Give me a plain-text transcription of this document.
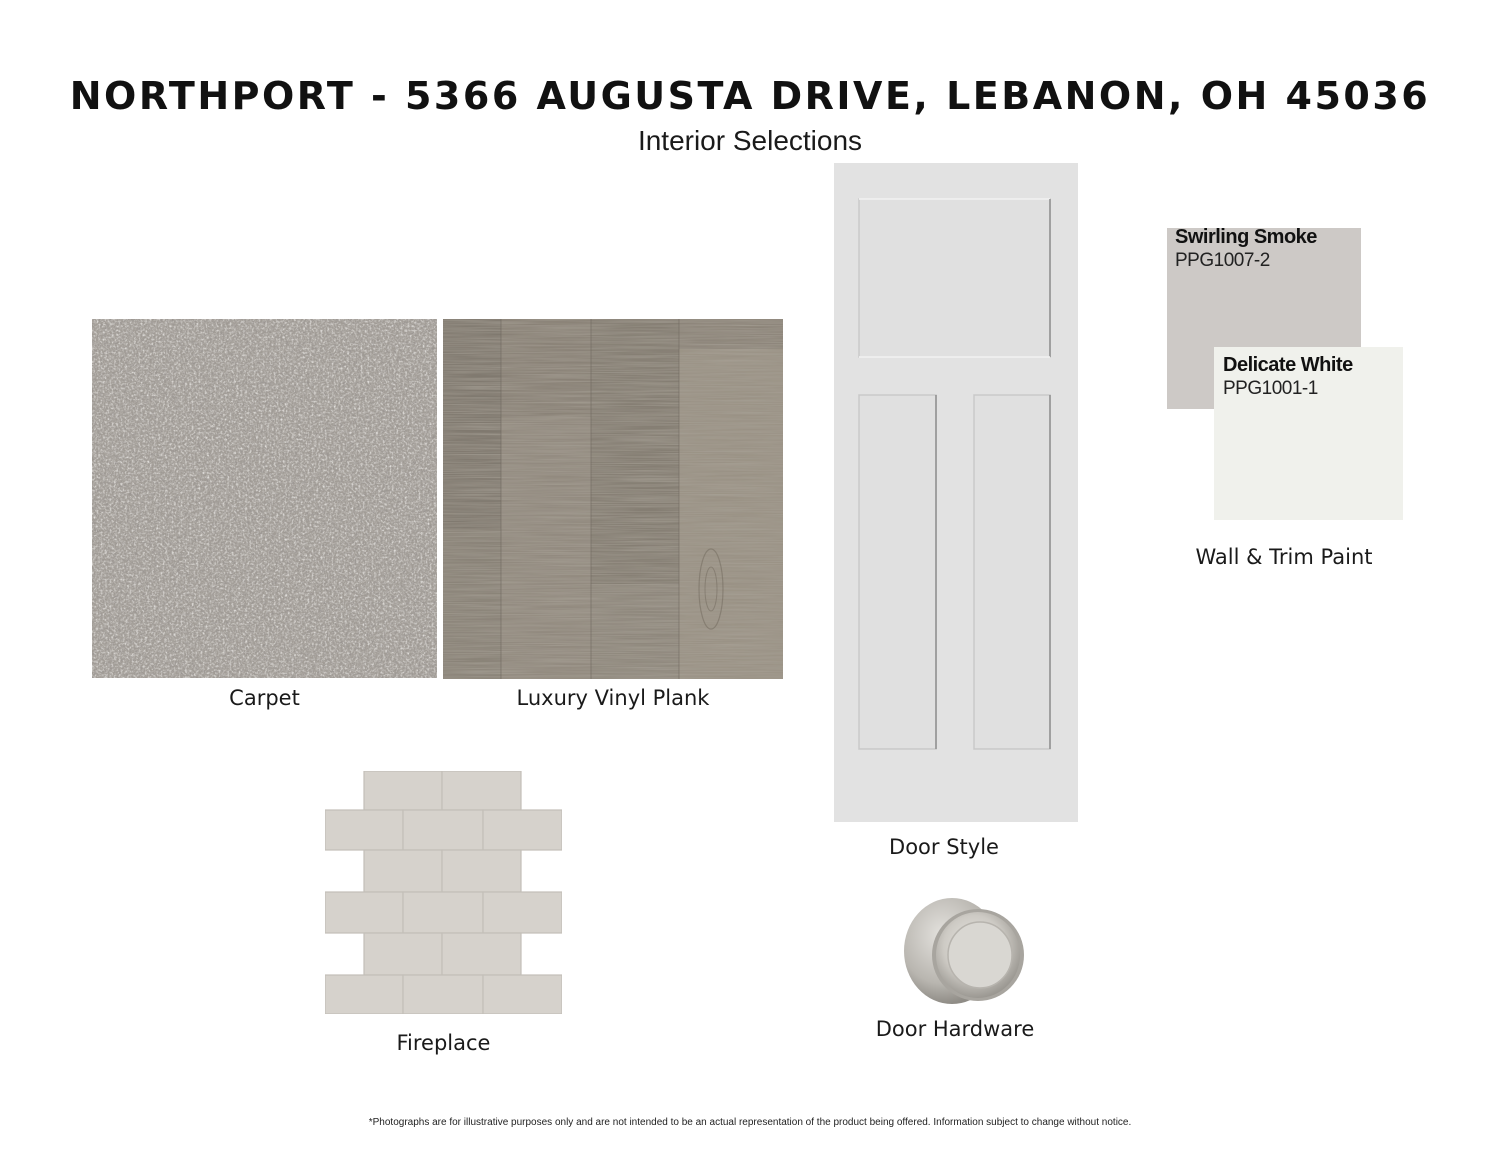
NORTHPORT - 5366 AUGUSTA DRIVE, LEBANON, OH 45036
Interior Selections
Carpet	Luxury Vinyl Plank
Door Style
Swirling Smoke
PPG1007-2
Delicate White
PPG1001-1
Wall & Trim Paint
Fireplace
Door Hardware
*Photographs are for illustrative purposes only and are not intended to be an actual representation of the product being offered. Information subject to change without notice.
